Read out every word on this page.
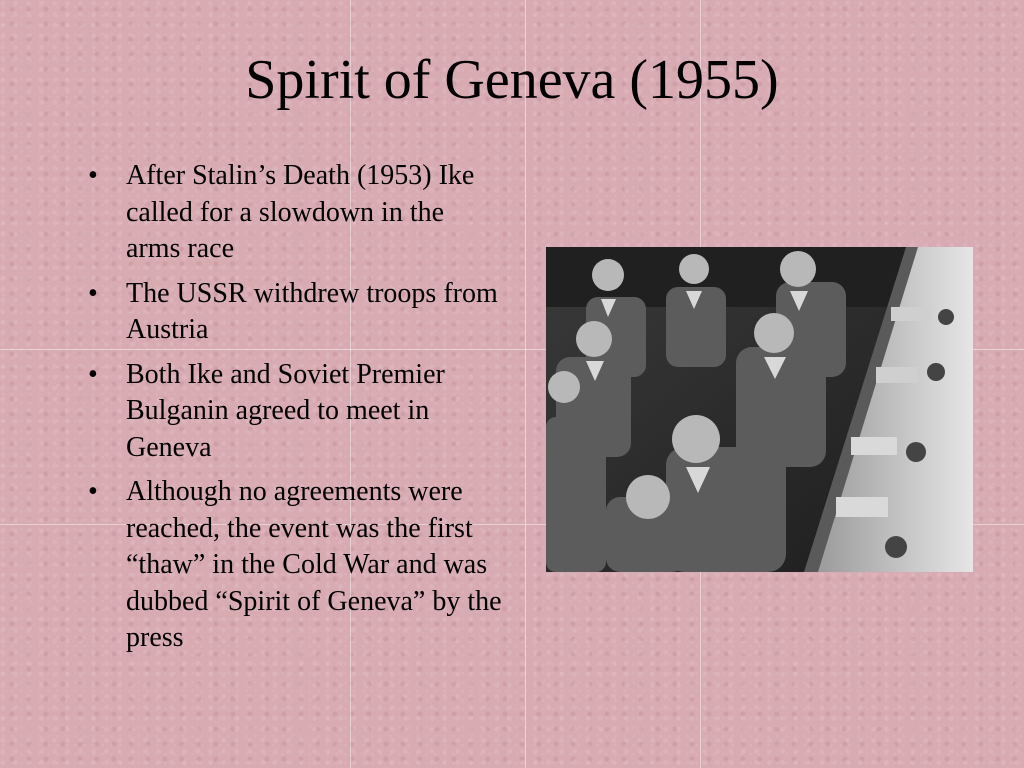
Spirit of Geneva (1955)
• After Stalin’s Death (1953) Ike called for a slowdown in the arms race
• The USSR withdrew troops from Austria
• Both Ike and Soviet Premier Bulganin agreed to meet in Geneva
• Although no agreements were reached, the event was the first “thaw” in the Cold War and was dubbed “Spirit of Geneva” by the press
